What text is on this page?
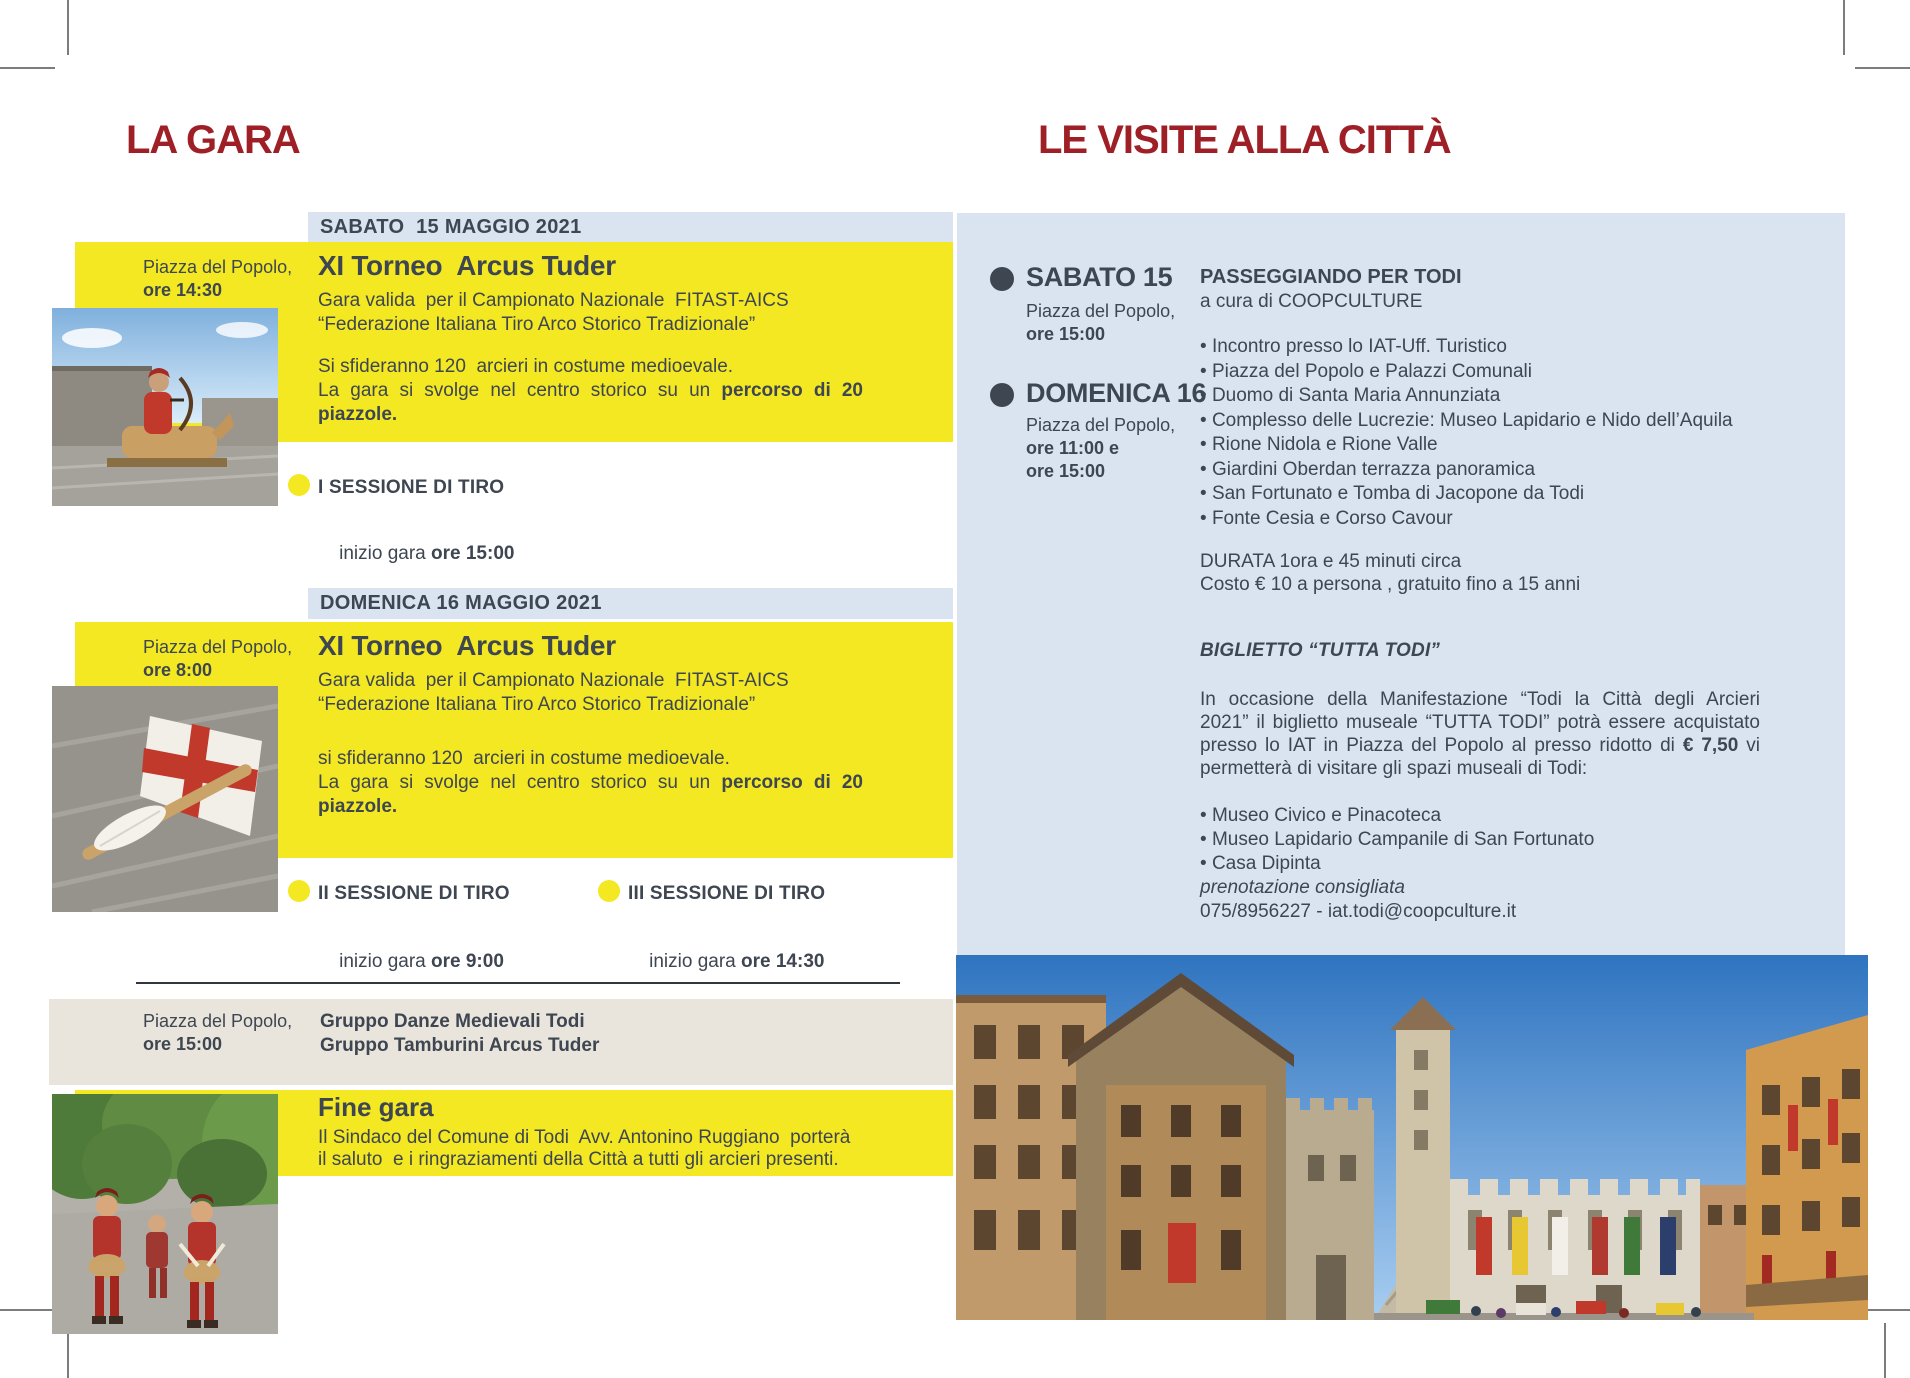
LA GARA	LE VISITE ALLA CITTÀ
SABATO  15 MAGGIO 2021
Piazza del Popolo,
ore 14:30
XI Torneo  Arcus Tuder
Gara valida  per il Campionato Nazionale  FITAST-AICS
“Federazione Italiana Tiro Arco Storico Tradizionale”
Si sfideranno 120  arcieri in costume medioevale.
La gara si svolge nel centro storico su un percorso di 20
piazzole.
I SESSIONE DI TIRO

inizio gara ore 15:00

DOMENICA 16 MAGGIO 2021
Piazza del Popolo,
ore 8:00
XI Torneo  Arcus Tuder
Gara valida  per il Campionato Nazionale  FITAST-AICS
“Federazione Italiana Tiro Arco Storico Tradizionale”
si sfideranno 120  arcieri in costume medioevale.
La gara si svolge nel centro storico su un percorso di 20
piazzole.
II SESSIONE DI TIRO	III SESSIONE DI TIRO

inizio gara ore 9:00
	inizio gara ore 14:30

Piazza del Popolo,
ore 15:00
Gruppo Danze Medievali Todi
Gruppo Tamburini Arcus Tuder
Fine gara
Il Sindaco del Comune di Todi  Avv. Antonino Ruggiano  porterà
il saluto  e i ringraziamenti della Città a tutti gli arcieri presenti.
SABATO 15
Piazza del Popolo,
ore 15:00
DOMENICA 16
Piazza del Popolo,
ore 11:00 e
ore 15:00
PASSEGGIANDO PER TODI
a cura di COOPCULTURE
• Incontro presso lo IAT-Uff. Turistico
• Piazza del Popolo e Palazzi Comunali
• Duomo di Santa Maria Annunziata
• Complesso delle Lucrezie: Museo Lapidario e Nido dell’Aquila
• Rione Nidola e Rione Valle
• Giardini Oberdan terrazza panoramica
• San Fortunato e Tomba di Jacopone da Todi
• Fonte Cesia e Corso Cavour
DURATA 1ora e 45 minuti circa
Costo € 10 a persona , gratuito fino a 15 anni
BIGLIETTO “TUTTA TODI”
In occasione della Manifestazione “Todi la Città degli Arcieri
2021” il biglietto museale “TUTTA TODI” potrà essere acquistato
presso lo IAT in Piazza del Popolo al presso ridotto di € 7,50 vi
permetterà di visitare gli spazi museali di Todi:
• Museo Civico e Pinacoteca
• Museo Lapidario Campanile di San Fortunato
• Casa Dipinta
prenotazione consigliata
075/8956227 - iat.todi@coopculture.it
